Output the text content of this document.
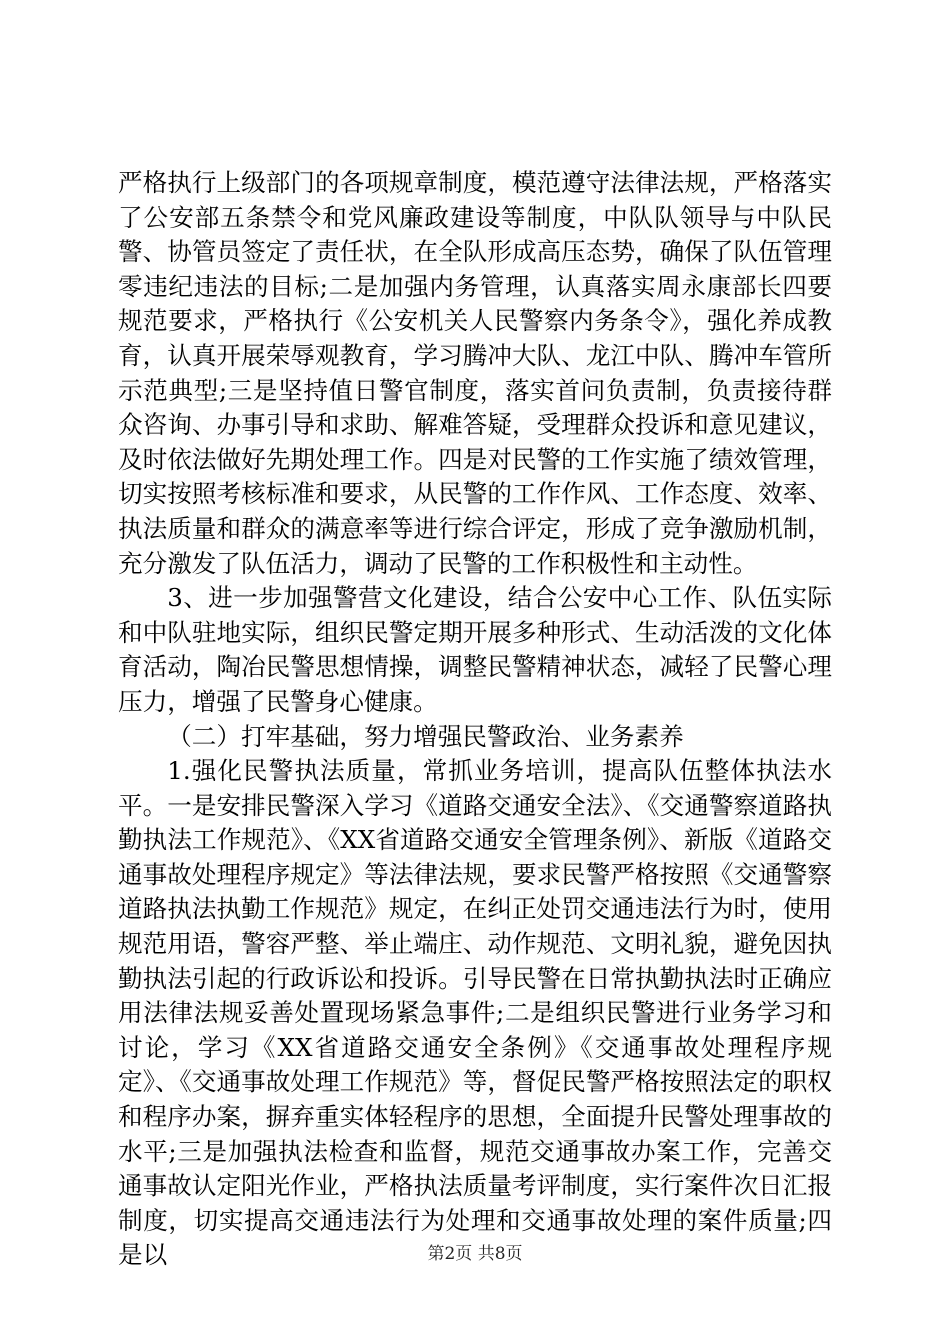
严格执行上级部门的各项规章制度，模范遵守法律法规，严格落实了公安部五条禁令和党风廉政建设等制度，中队队领导与中队民警、协管员签定了责任状，在全队形成高压态势，确保了队伍管理零违纪违法的目标;二是加强内务管理，认真落实周永康部长四要规范要求，严格执行《公安机关人民警察内务条令》，强化养成教育，认真开展荣辱观教育，学习腾冲大队、龙江中队、腾冲车管所示范典型;三是坚持值日警官制度，落实首问负责制，负责接待群众咨询、办事引导和求助、解难答疑，受理群众投诉和意见建议，及时依法做好先期处理工作。四是对民警的工作实施了绩效管理，切实按照考核标准和要求，从民警的工作作风、工作态度、效率、执法质量和群众的满意率等进行综合评定，形成了竞争激励机制，充分激发了队伍活力，调动了民警的工作积极性和主动性。

3、进一步加强警营文化建设，结合公安中心工作、队伍实际和中队驻地实际，组织民警定期开展多种形式、生动活泼的文化体育活动，陶冶民警思想情操，调整民警精神状态，减轻了民警心理压力，增强了民警身心健康。

（二）打牢基础，努力增强民警政治、业务素养

1.强化民警执法质量，常抓业务培训，提高队伍整体执法水平。一是安排民警深入学习《道路交通安全法》、《交通警察道路执勤执法工作规范》、《XX省道路交通安全管理条例》、新版《道路交通事故处理程序规定》等法律法规，要求民警严格按照《交通警察道路执法执勤工作规范》规定，在纠正处罚交通违法行为时，使用规范用语，警容严整、举止端庄、动作规范、文明礼貌，避免因执勤执法引起的行政诉讼和投诉。引导民警在日常执勤执法时正确应用法律法规妥善处置现场紧急事件;二是组织民警进行业务学习和讨论，学习《XX省道路交通安全条例》《交通事故处理程序规定》、《交通事故处理工作规范》等，督促民警严格按照法定的职权和程序办案，摒弃重实体轻程序的思想，全面提升民警处理事故的水平;三是加强执法检查和监督，规范交通事故办案工作，完善交通事故认定阳光作业，严格执法质量考评制度，实行案件次日汇报制度，切实提高交通违法行为处理和交通事故处理的案件质量;四是以	第2页 共8页
